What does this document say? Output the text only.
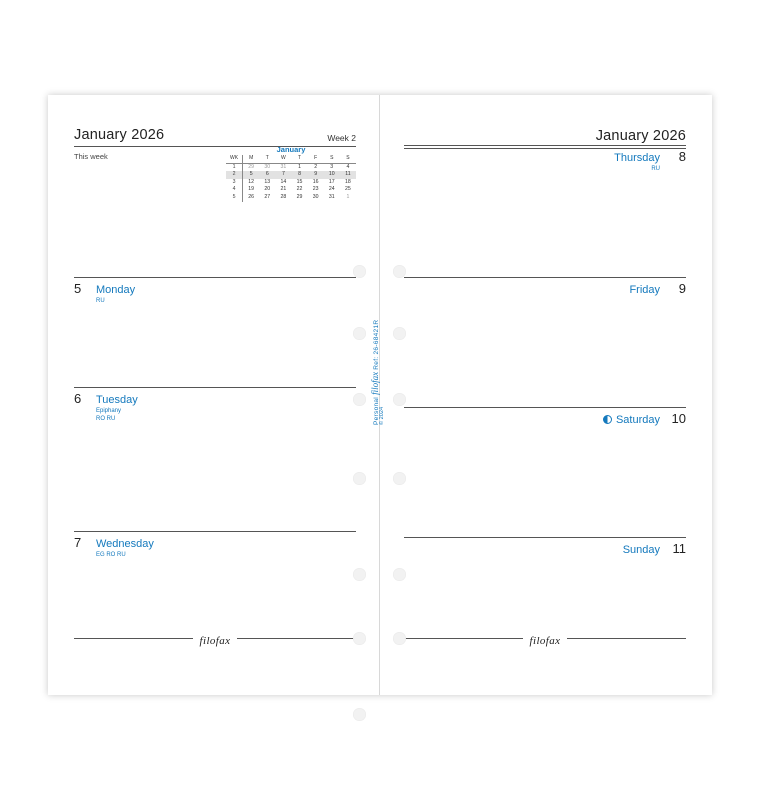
January 2026	Week 2
This week
January
WK	M	T	W	T	F	S	S
1	29	30	31	1	2	3	4
2	5	6	7	8	9	10	11
3	12	13	14	15	16	17	18
4	19	20	21	22	23	24	25
5	26	27	28	29	30	31	1
5	Monday
RU
6	Tuesday
Epiphany
RO RU
7	Wednesday
EG RO RU
filofax
January 2026
Thursday	8
RU
Friday	9
Saturday 10
Sunday 11
filofax
Personal filofax Ref: 26-68421R
© 2024
